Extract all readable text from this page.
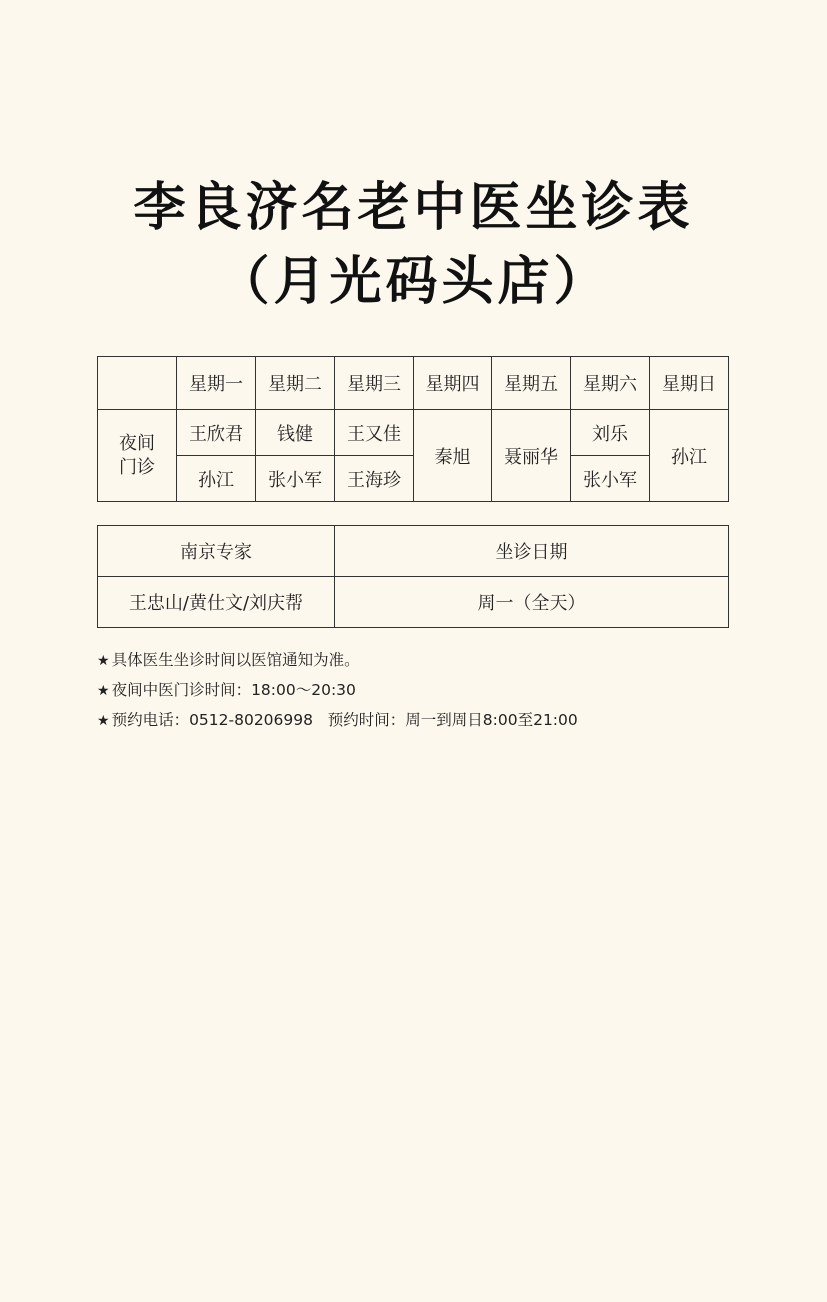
李良济名老中医坐诊表
（月光码头店）
	星期一	星期二	星期三	星期四	星期五	星期六	星期日

夜间
门诊	王欣君	钱健	王又佳	秦旭	聂丽华	刘乐	孙江
	孙江	张小军	王海珍			张小军	
南京专家	坐诊日期
王忠山/黄仕文/刘庆帮	周一（全天）
★ 具体医生坐诊时间以医馆通知为准。
★ 夜间中医门诊时间：18:00～20:30
★ 预约电话：0512-80206998   预约时间：周一到周日8:00至21:00
